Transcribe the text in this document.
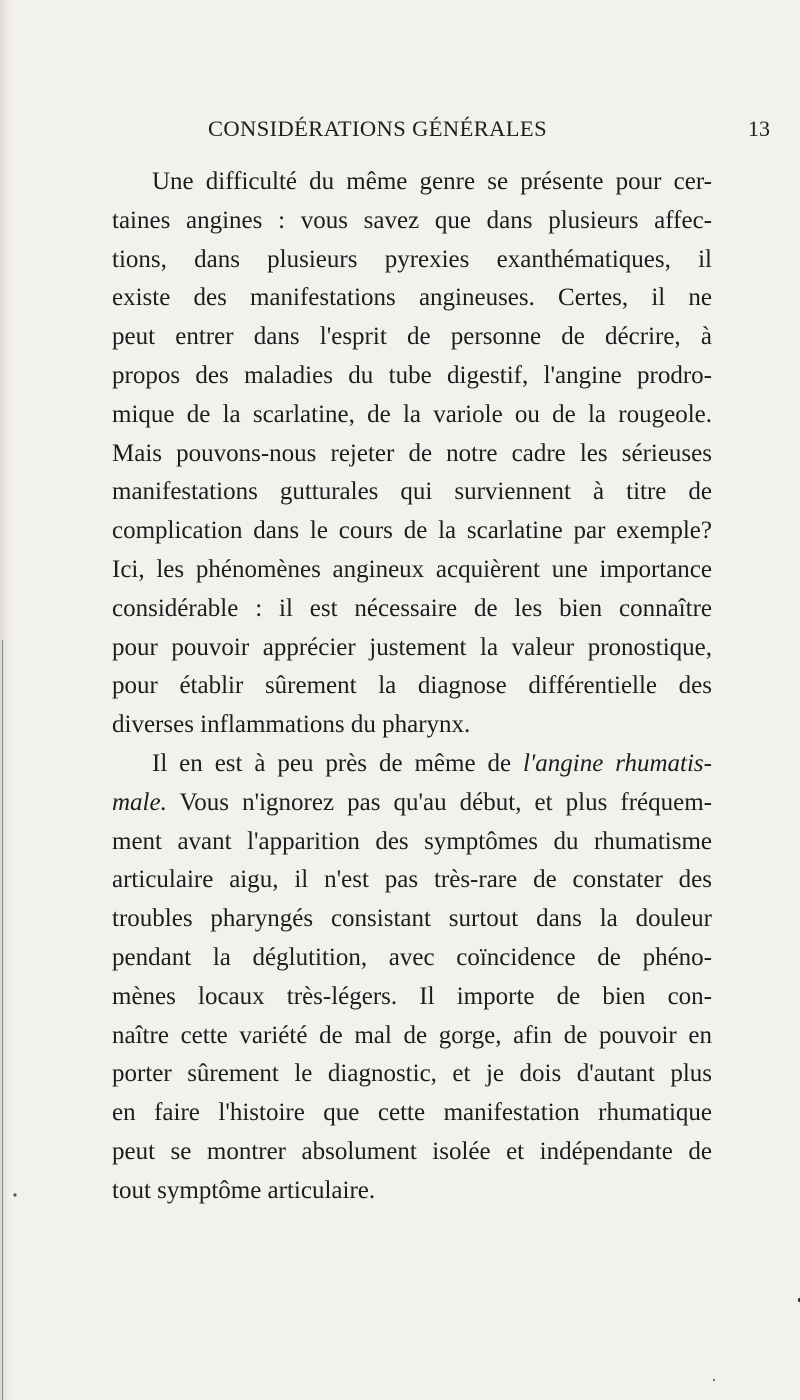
CONSIDÉRATIONS GÉNÉRALES	13
Une difficulté du même genre se présente pour cer-
taines angines : vous savez que dans plusieurs affec-
tions, dans plusieurs pyrexies exanthématiques, il
existe des manifestations angineuses. Certes, il ne
peut entrer dans l'esprit de personne de décrire, à
propos des maladies du tube digestif, l'angine prodro-
mique de la scarlatine, de la variole ou de la rougeole.
Mais pouvons-nous rejeter de notre cadre les sérieuses
manifestations gutturales qui surviennent à titre de
complication dans le cours de la scarlatine par exemple?
Ici, les phénomènes angineux acquièrent une importance
considérable : il est nécessaire de les bien connaître
pour pouvoir apprécier justement la valeur pronostique,
pour établir sûrement la diagnose différentielle des
diverses inflammations du pharynx.
Il en est à peu près de même de l'angine rhumatis-
male. Vous n'ignorez pas qu'au début, et plus fréquem-
ment avant l'apparition des symptômes du rhumatisme
articulaire aigu, il n'est pas très-rare de constater des
troubles pharyngés consistant surtout dans la douleur
pendant la déglutition, avec coïncidence de phéno-
mènes locaux très-légers. Il importe de bien con-
naître cette variété de mal de gorge, afin de pouvoir en
porter sûrement le diagnostic, et je dois d'autant plus
en faire l'histoire que cette manifestation rhumatique
peut se montrer absolument isolée et indépendante de
tout symptôme articulaire.
